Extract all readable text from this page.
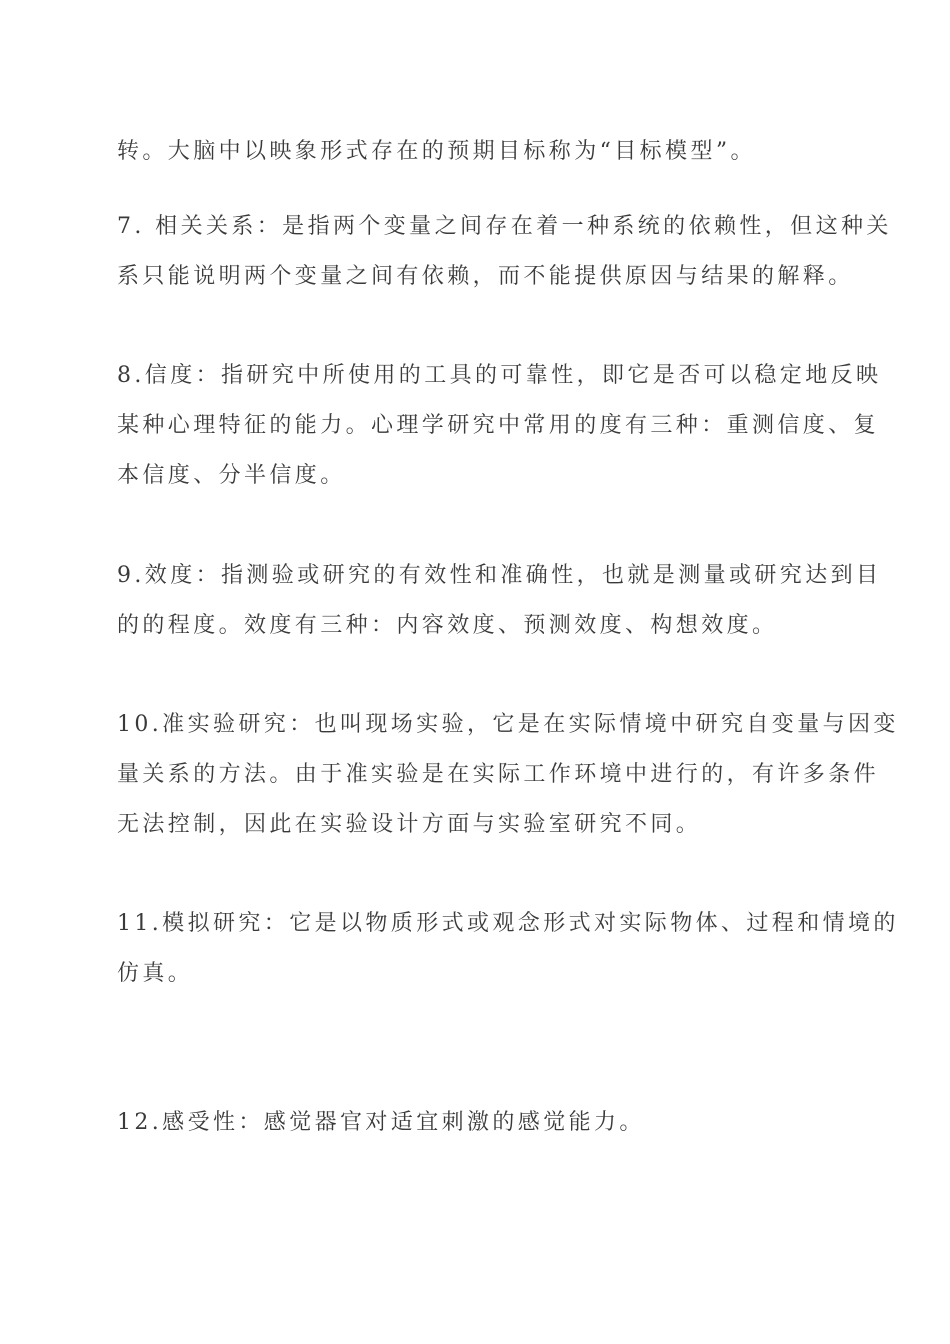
转。大脑中以映象形式存在的预期目标称为“目标模型”。

7. 相关关系：是指两个变量之间存在着一种系统的依赖性，但这种关

系只能说明两个变量之间有依赖，而不能提供原因与结果的解释。

8.信度：指研究中所使用的工具的可靠性，即它是否可以稳定地反映

某种心理特征的能力。心理学研究中常用的度有三种：重测信度、复

本信度、分半信度。

9.效度：指测验或研究的有效性和准确性，也就是测量或研究达到目

的的程度。效度有三种：内容效度、预测效度、构想效度。

10.准实验研究：也叫现场实验，它是在实际情境中研究自变量与因变

量关系的方法。由于准实验是在实际工作环境中进行的，有许多条件

无法控制，因此在实验设计方面与实验室研究不同。

11.模拟研究：它是以物质形式或观念形式对实际物体、过程和情境的

仿真。

12.感受性：感觉器官对适宜刺激的感觉能力。
